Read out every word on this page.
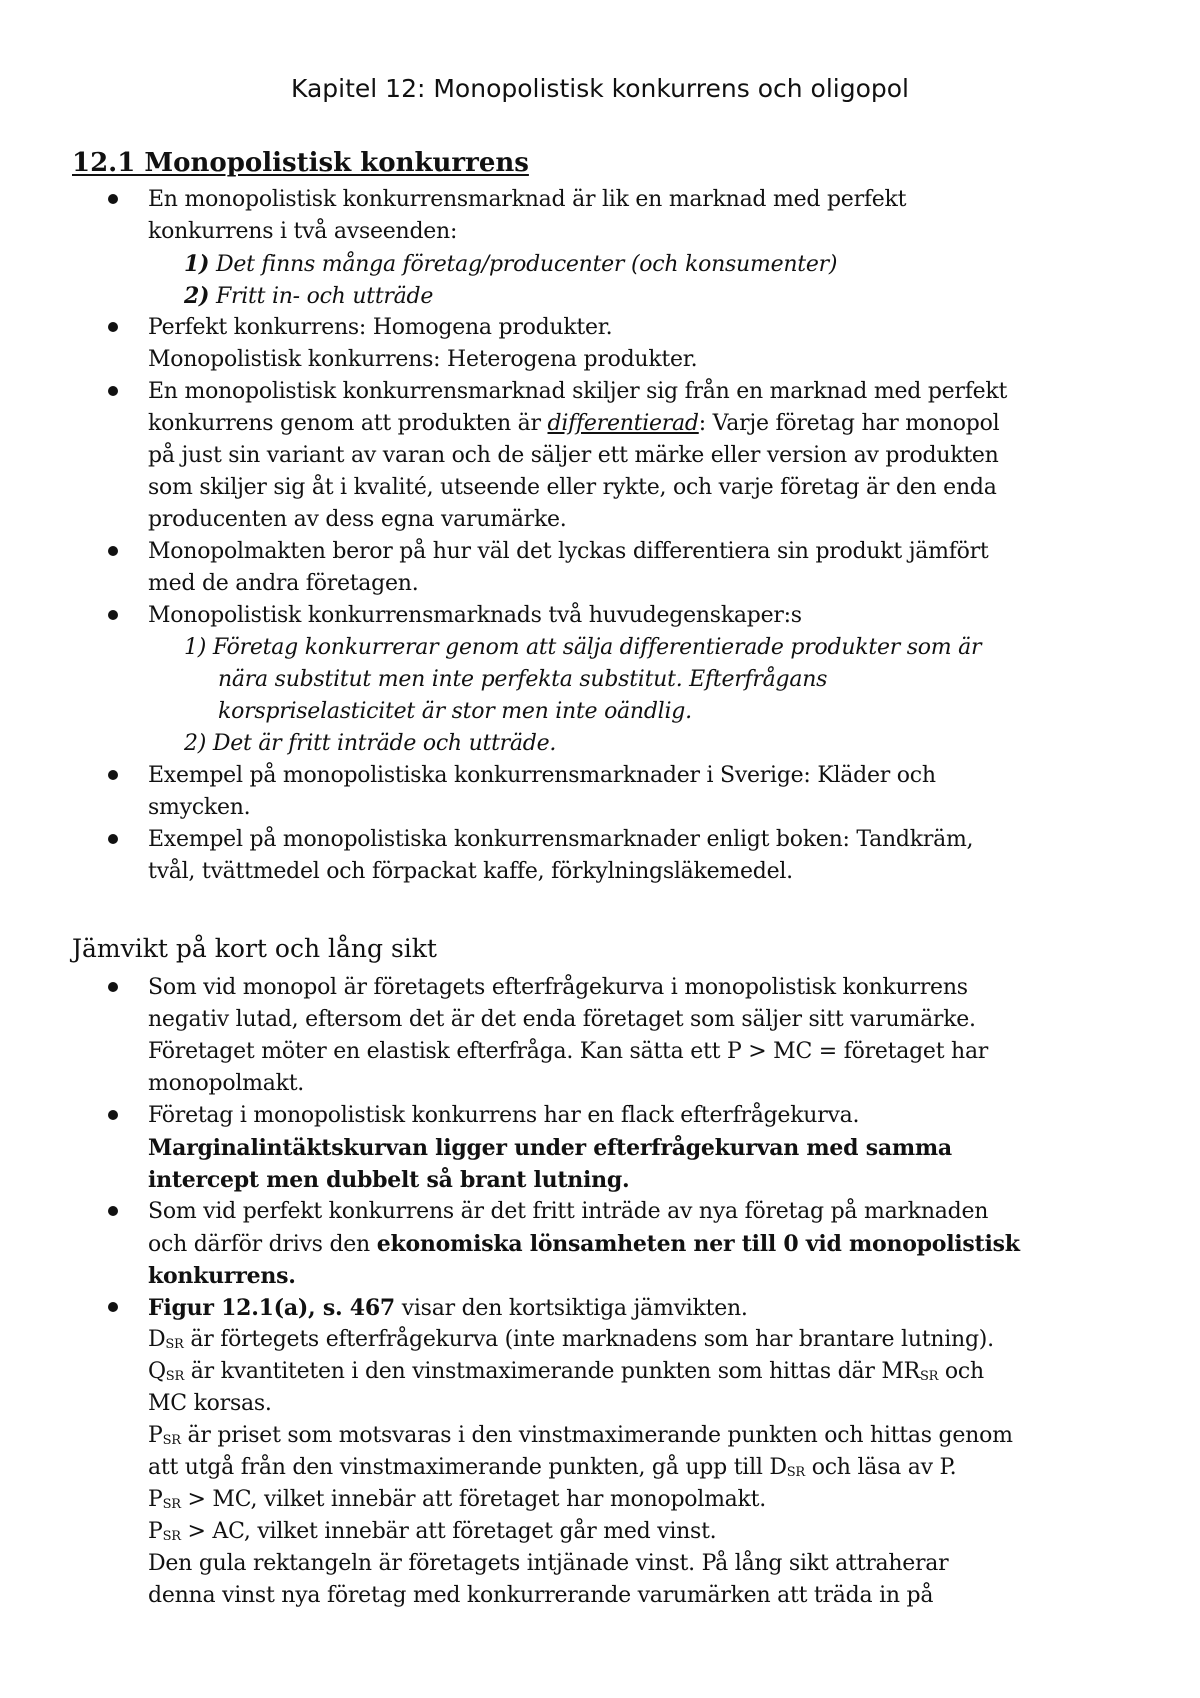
Kapitel 12: Monopolistisk konkurrens och oligopol
12.1 Monopolistisk konkurrens

En monopolistisk konkurrensmarknad är lik en marknad med perfekt

konkurrens i två avseenden:

1) Det finns många företag/producenter (och konsumenter)

2) Fritt in- och utträde

Perfekt konkurrens: Homogena produkter.

Monopolistisk konkurrens: Heterogena produkter.

En monopolistisk konkurrensmarknad skiljer sig från en marknad med perfekt

konkurrens genom att produkten är differentierad: Varje företag har monopol

på just sin variant av varan och de säljer ett märke eller version av produkten

som skiljer sig åt i kvalité, utseende eller rykte, och varje företag är den enda

producenten av dess egna varumärke.

Monopolmakten beror på hur väl det lyckas differentiera sin produkt jämfört

med de andra företagen.

Monopolistisk konkurrensmarknads två huvudegenskaper:s

1) Företag konkurrerar genom att sälja differentierade produkter som är

nära substitut men inte perfekta substitut. Efterfrågans

korspriselasticitet är stor men inte oändlig.

2) Det är fritt inträde och utträde.

Exempel på monopolistiska konkurrensmarknader i Sverige: Kläder och

smycken.

Exempel på monopolistiska konkurrensmarknader enligt boken: Tandkräm,

tvål, tvättmedel och förpackat kaffe, förkylningsläkemedel.

Jämvikt på kort och lång sikt

Som vid monopol är företagets efterfrågekurva i monopolistisk konkurrens

negativ lutad, eftersom det är det enda företaget som säljer sitt varumärke.

Företaget möter en elastisk efterfråga. Kan sätta ett P > MC = företaget har

monopolmakt.

Företag i monopolistisk konkurrens har en flack efterfrågekurva.

Marginalintäktskurvan ligger under efterfrågekurvan med samma

intercept men dubbelt så brant lutning.

Som vid perfekt konkurrens är det fritt inträde av nya företag på marknaden

och därför drivs den ekonomiska lönsamheten ner till 0 vid monopolistisk

konkurrens.

Figur 12.1(a), s. 467 visar den kortsiktiga jämvikten.

$D_{SR}$ är förtegets efterfrågekurva (inte marknadens som har brantare lutning).

$Q_{SR}$ är kvantiteten i den vinstmaximerande punkten som hittas där $MR_{SR}$ och

MC korsas.

$P_{SR}$ är priset som motsvaras i den vinstmaximerande punkten och hittas genom

att utgå från den vinstmaximerande punkten, gå upp till $D_{SR}$ och läsa av P.

$P_{SR}$ > MC, vilket innebär att företaget har monopolmakt.

$P_{SR}$ > AC, vilket innebär att företaget går med vinst.

Den gula rektangeln är företagets intjänade vinst. På lång sikt attraherar

denna vinst nya företag med konkurrerande varumärken att träda in på
